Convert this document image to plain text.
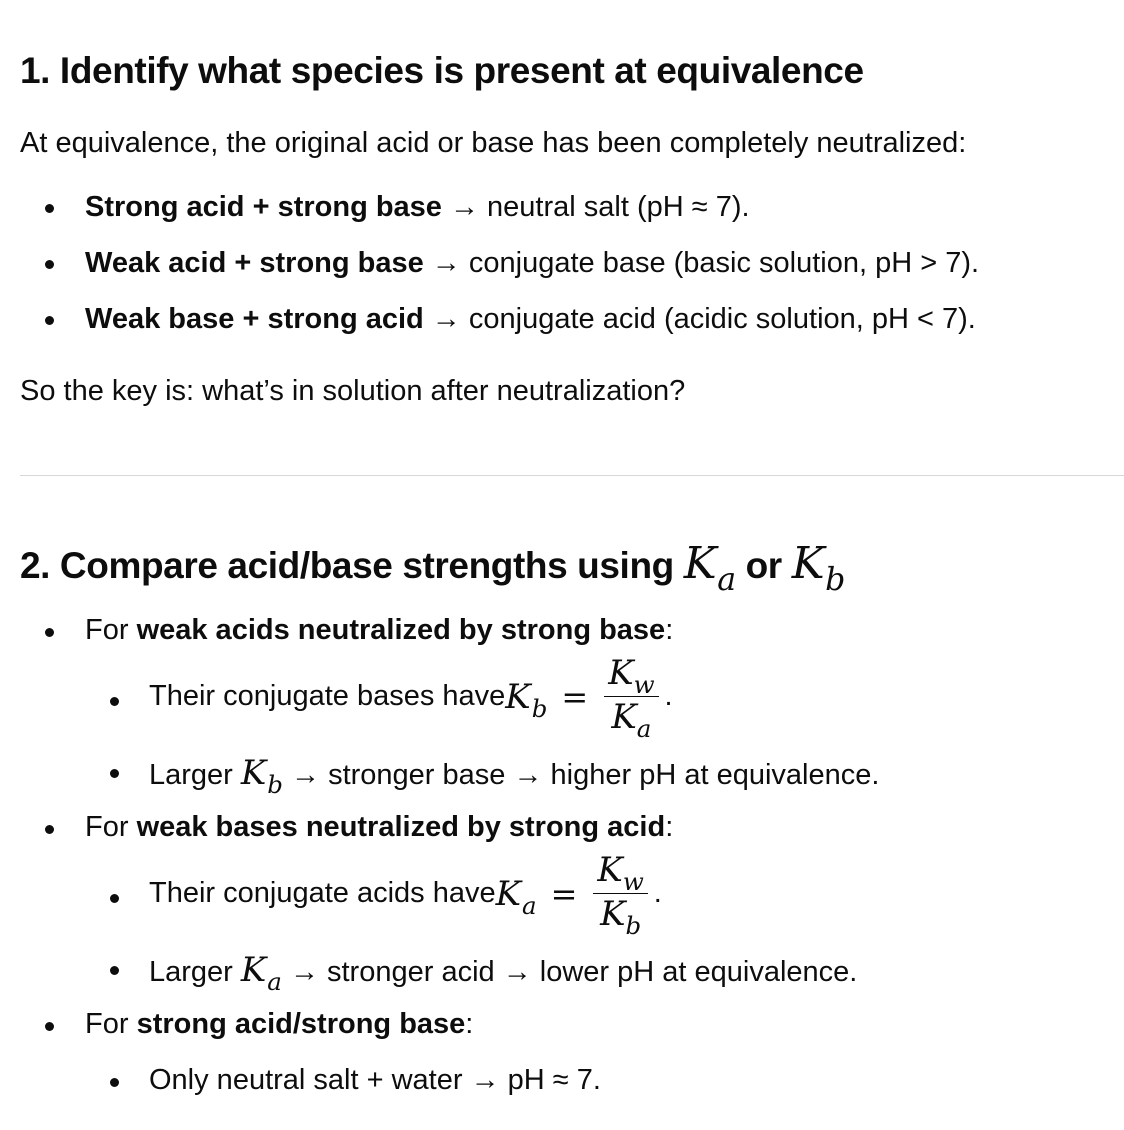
1. Identify what species is present at equivalence

At equivalence, the original acid or base has been completely neutralized:

Strong acid + strong base → neutral salt (pH ≈ 7).

Weak acid + strong base → conjugate base (basic solution, pH > 7).

Weak base + strong acid → conjugate acid (acidic solution, pH < 7).

So the key is: what’s in solution after neutralization?

2. Compare acid/base strengths using $K_a$ or $K_b$

For weak acids neutralized by strong base:

Their conjugate bases have $K_b = \frac{K_w}{K_a}$ .

Larger $K_b$ → stronger base → higher pH at equivalence.

For weak bases neutralized by strong acid:

Their conjugate acids have $K_a = \frac{K_w}{K_b}$ .

Larger $K_a$ → stronger acid → lower pH at equivalence.

For strong acid/strong base:

Only neutral salt + water → pH ≈ 7.
